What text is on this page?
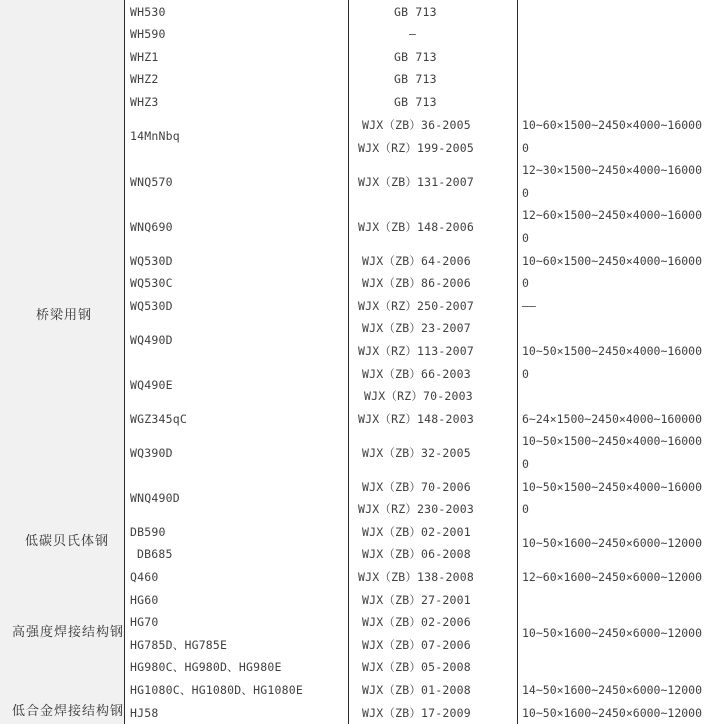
桥梁用钢
低碳贝氏体钢
高强度焊接结构钢
低合金焊接结构钢
WH530
WH590
WHZ1
WHZ2
WHZ3
14MnNbq
WNQ570
WNQ690
WQ530D
WQ530C
WQ530D
WQ490D
WQ490E
WGZ345qC
WQ390D
WNQ490D
DB590
DB685
Q460
HG60
HG70
HG785D、HG785E
HG980C、HG980D、HG980E
HG1080C、HG1080D、HG1080E
HJ58
GB 713
—
GB 713
GB 713
GB 713
WJX（ZB）36-2005
WJX（RZ）199-2005
WJX（ZB）131-2007
WJX（ZB）148-2006
WJX（ZB）64-2006
WJX（ZB）86-2006
WJX（RZ）250-2007
WJX（ZB）23-2007
WJX（RZ）113-2007
WJX（ZB）66-2003
WJX（RZ）70-2003
WJX（RZ）148-2003
WJX（ZB）32-2005
WJX（ZB）70-2006
WJX（RZ）230-2003
WJX（ZB）02-2001
WJX（ZB）06-2008
WJX（ZB）138-2008
WJX（ZB）27-2001
WJX（ZB）02-2006
WJX（ZB）07-2006
WJX（ZB）05-2008
WJX（ZB）01-2008
WJX（ZB）17-2009
10~60×1500~2450×4000~16000
0
12~30×1500~2450×4000~16000
0
12~60×1500~2450×4000~16000
0
10~60×1500~2450×4000~16000
0
——
10~50×1500~2450×4000~16000
0
6~24×1500~2450×4000~160000
10~50×1500~2450×4000~16000
0
10~50×1500~2450×4000~16000
0
10~50×1600~2450×6000~12000
12~60×1600~2450×6000~12000
10~50×1600~2450×6000~12000
14~50×1600~2450×6000~12000
10~50×1600~2450×6000~12000
